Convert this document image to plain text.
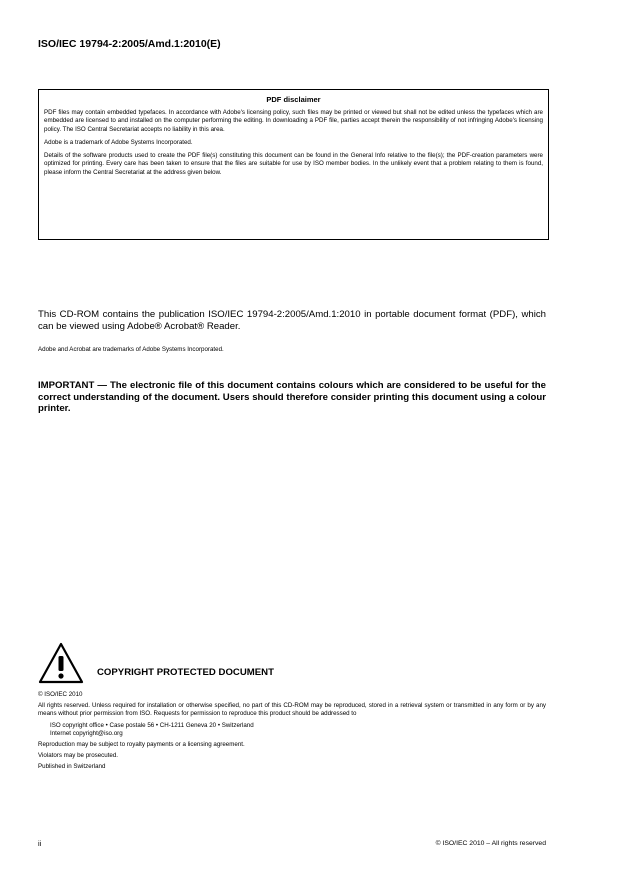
ISO/IEC 19794-2:2005/Amd.1:2010(E)
PDF disclaimer

PDF files may contain embedded typefaces. In accordance with Adobe's licensing policy, such files may be printed or viewed but shall not be edited unless the typefaces which are embedded are licensed to and installed on the computer performing the editing. In downloading a PDF file, parties accept therein the responsibility of not infringing Adobe's licensing policy. The ISO Central Secretariat accepts no liability in this area.

Adobe is a trademark of Adobe Systems Incorporated.

Details of the software products used to create the PDF file(s) constituting this document can be found in the General Info relative to the file(s); the PDF-creation parameters were optimized for printing. Every care has been taken to ensure that the files are suitable for use by ISO member bodies. In the unlikely event that a problem relating to them is found, please inform the Central Secretariat at the address given below.

This CD-ROM contains the publication ISO/IEC 19794-2:2005/Amd.1:2010 in portable document format (PDF), which can be viewed using Adobe® Acrobat® Reader.

Adobe and Acrobat are trademarks of Adobe Systems Incorporated.

IMPORTANT — The electronic file of this document contains colours which are considered to be useful for the correct understanding of the document. Users should therefore consider printing this document using a colour printer.

COPYRIGHT PROTECTED DOCUMENT

© ISO/IEC 2010

All rights reserved. Unless required for installation or otherwise specified, no part of this CD-ROM may be reproduced, stored in a retrieval system or transmitted in any form or by any means without prior permission from ISO. Requests for permission to reproduce this product should be addressed to

ISO copyright office • Case postale 56 • CH-1211 Geneva 20 • Switzerland

Internet copyright@iso.org

Reproduction may be subject to royalty payments or a licensing agreement.

Violators may be prosecuted.

Published in Switzerland

ii	© ISO/IEC 2010 – All rights reserved
